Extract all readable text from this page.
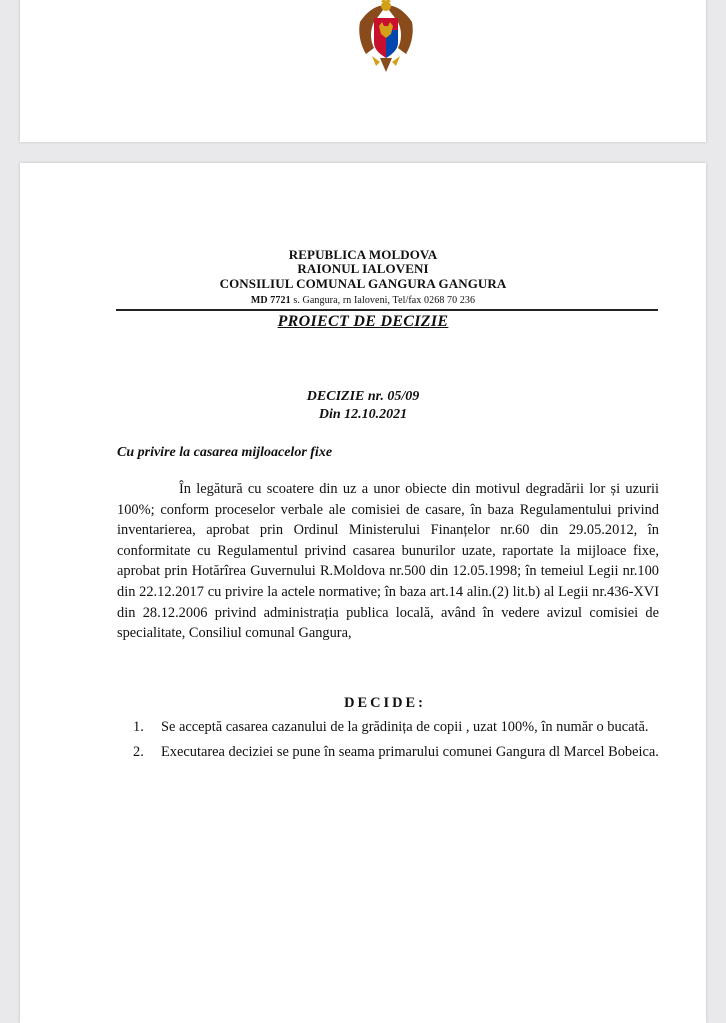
REPUBLICA MOLDOVA
RAIONUL IALOVENI
CONSILIUL COMUNAL GANGURA GANGURA
MD 7721 s. Gangura, rn Ialoveni, Tel/fax 0268 70 236
PROIECT DE DECIZIE
DECIZIE nr. 05/09
Din 12.10.2021
Cu privire la casarea mijloacelor fixe
În legătură cu scoatere din uz a unor obiecte din motivul degradării lor și uzurii 100%; conform proceselor verbale ale comisiei de casare, în baza Regulamentului privind inventarierea, aprobat prin Ordinul Ministerului Finanțelor nr.60 din 29.05.2012, în conformitate cu Regulamentul privind casarea bunurilor uzate, raportate la mijloace fixe, aprobat prin Hotărîrea Guvernului R.Moldova nr.500 din 12.05.1998; în temeiul Legii nr.100 din 22.12.2017 cu privire la actele normative; în baza art.14 alin.(2) lit.b) al Legii nr.436-XVI din 28.12.2006 privind administrația publica locală, având în vedere avizul comisiei de specialitate, Consiliul comunal Gangura,
DECIDE:
1. Se acceptă casarea cazanului de la grădinița de copii , uzat 100%, în număr o bucată.
2. Executarea deciziei se pune în seama primarului comunei Gangura dl Marcel Bobeica.
